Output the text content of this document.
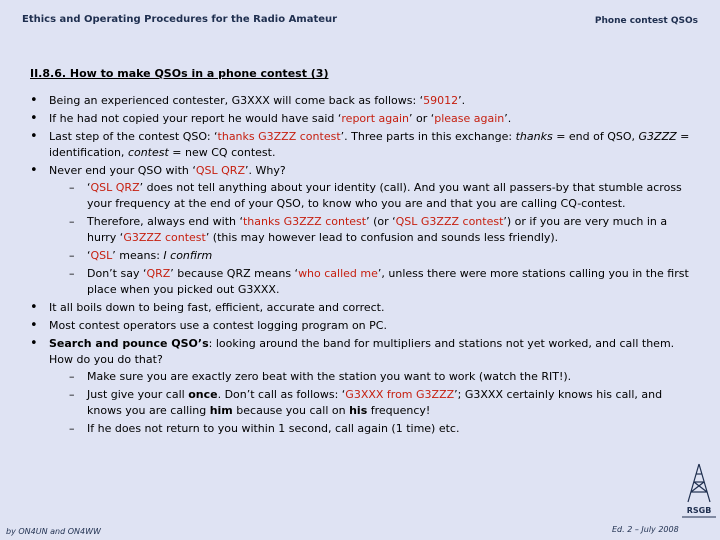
Ethics and Operating Procedures for the Radio Amateur	Phone contest QSOs
II.8.6. How to make QSOs in a phone contest (3)
• Being an experienced contester, G3XXX will come back as follows: ‘59012’.
• If he had not copied your report he would have said ‘report again’ or ‘please again’.
• Last step of the contest QSO: ‘thanks G3ZZZ contest’. Three parts in this exchange: thanks = end of QSO, G3ZZZ = identification, contest = new CQ contest.
• Never end your QSO with ‘QSL QRZ’. Why?
– ‘QSL QRZ’ does not tell anything about your identity (call). And you want all passers-by that stumble across your frequency at the end of your QSO, to know who you are and that you are calling CQ-contest.
– Therefore, always end with ‘thanks G3ZZZ contest’ (or ‘QSL G3ZZZ contest’) or if you are very much in a hurry ‘G3ZZZ contest’ (this may however lead to confusion and sounds less friendly).
– ‘QSL’ means: I confirm
– Don’t say ‘QRZ’ because QRZ means ‘who called me’, unless there were more stations calling you in the first place when you picked out G3XXX.
• It all boils down to being fast, efficient, accurate and correct.
• Most contest operators use a contest logging program on PC.
• Search and pounce QSO’s: looking around the band for multipliers and stations not yet worked, and call them. How do you do that?
– Make sure you are exactly zero beat with the station you want to work (watch the RIT!).
– Just give your call once. Don’t call as follows: ‘G3XXX from G3ZZZ’; G3XXX certainly knows his call, and knows you are calling him because you call on his frequency!
– If he does not return to you within 1 second, call again (1 time) etc.
RSGB
by ON4UN and ON4WW	Ed. 2 – July 2008
